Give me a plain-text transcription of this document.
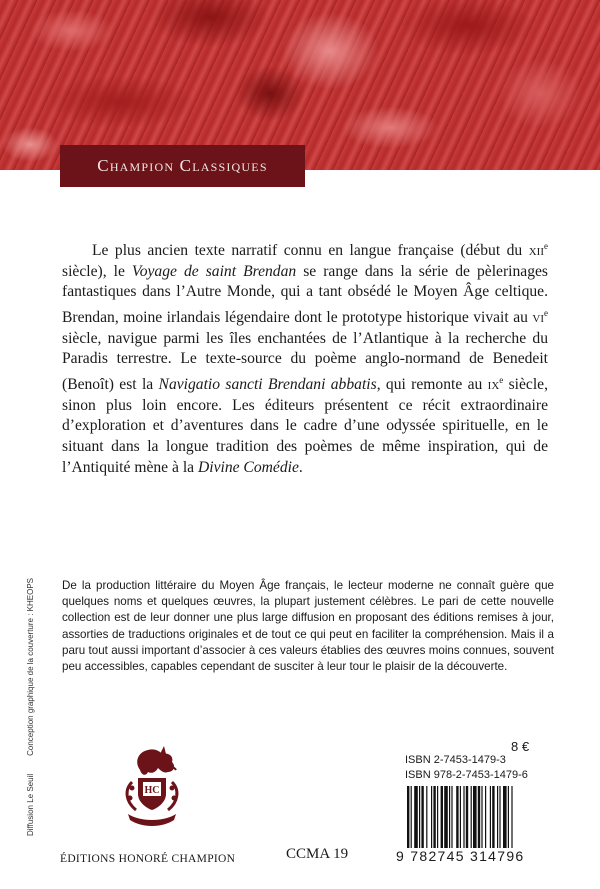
Champion Classiques

Le plus ancien texte narratif connu en langue française (début du xii$^e$ siècle), le Voyage de saint Brendan se range dans la série de pèlerinages fantastiques dans l’Autre Monde, qui a tant obsédé le Moyen Âge celtique. Brendan, moine irlandais légendaire dont le prototype historique vivait au $vi^e$ siècle, navigue parmi les îles enchantées de l’Atlantique à la recherche du Paradis terrestre. Le texte-source du poème anglo-normand de Benedeit (Benoît) est la Navigatio sancti Brendani abbatis, qui remonte au $ix^e$ siècle, sinon plus loin encore. Les éditeurs présentent ce récit extraordinaire d’exploration et d’aventures dans le cadre d’une odyssée spirituelle, en le situant dans la longue tradition des poèmes de même inspiration, qui de l’Antiquité mène à la Divine Comédie.

Diffusion Le Seuil
Conception graphique de la couverture : KHEOPS De la production littéraire du Moyen Âge français, le lecteur moderne ne connaît guère que quelques noms et quelques œuvres, la plupart justement célèbres. Le pari de cette nouvelle collection est de leur donner une plus large diffusion en proposant des éditions remises à jour, assorties de traductions originales et de tout ce qui peut en faciliter la compréhension. Mais il a paru tout aussi important d’associer à ces valeurs établies des œuvres moins connues, souvent peu accessibles, capables cependant de susciter à leur tour le plaisir de la découverte.

HC
ÉDITIONS HONORÉ CHAMPION	CCMA 19
8 €
ISBN 2-7453-1479-3
ISBN 978-2-7453-1479-6
9 782745 314796
